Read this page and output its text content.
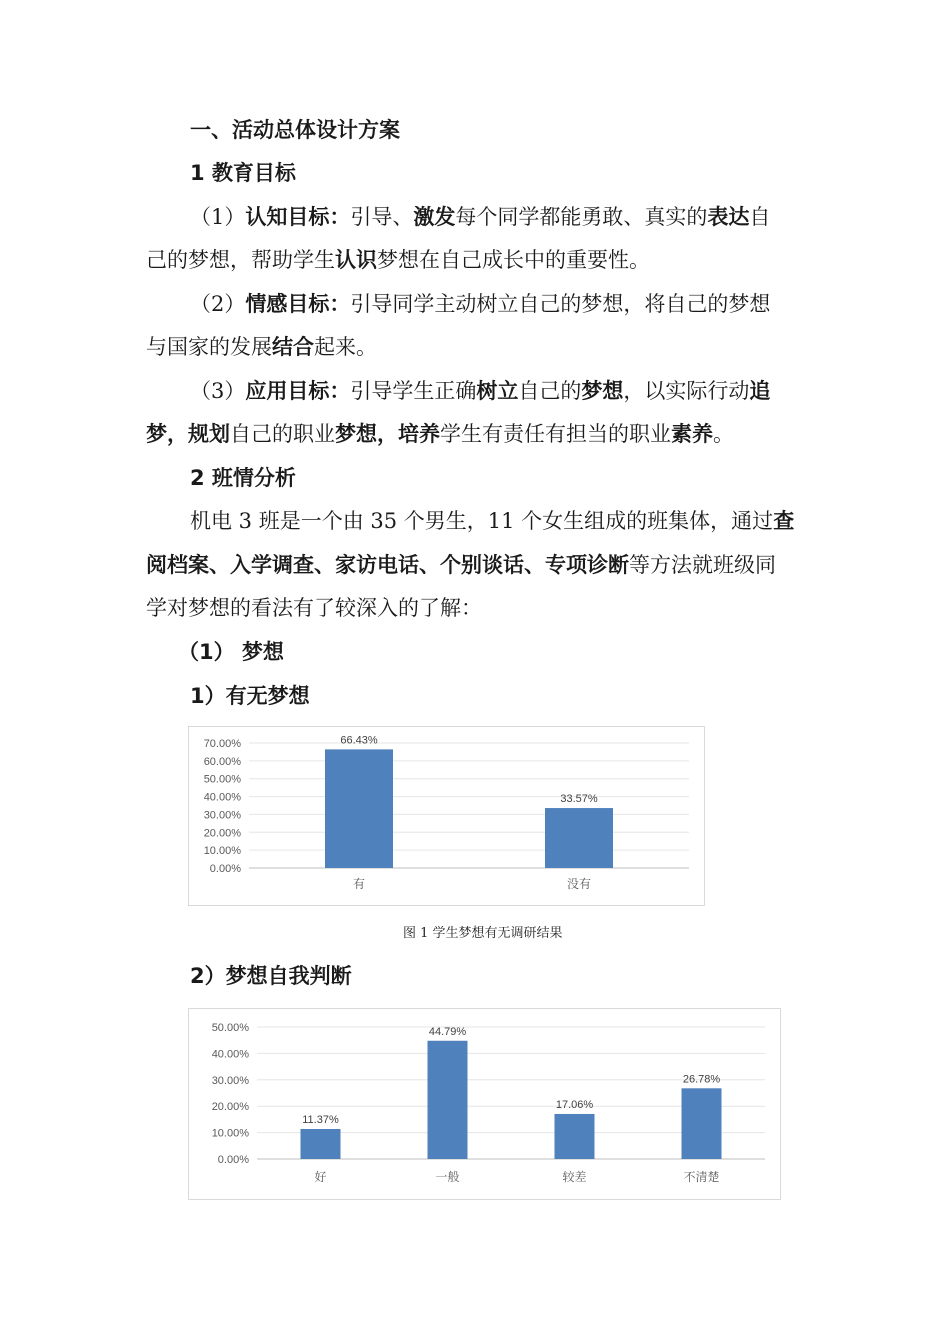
一、活动总体设计方案
1 教育目标
（1）认知目标：引导、激发每个同学都能勇敢、真实的表达自
己的梦想，帮助学生认识梦想在自己成长中的重要性。
（2）情感目标：引导同学主动树立自己的梦想，将自己的梦想
与国家的发展结合起来。
（3）应用目标：引导学生正确树立自己的梦想，以实际行动追
梦，规划自己的职业梦想，培养学生有责任有担当的职业素养。
2 班情分析
机电 3 班是一个由 35 个男生，11 个女生组成的班集体，通过查
阅档案、入学调查、家访电话、个别谈话、专项诊断等方法就班级同
学对梦想的看法有了较深入的了解：
（1） 梦想
1）有无梦想
0.00%
10.00%
20.00%
30.00%
40.00%
50.00%
60.00%
70.00%	66.43%
有
33.57%
没有
图 1 学生梦想有无调研结果
2）梦想自我判断
0.00%
10.00%
20.00%
30.00%
40.00%
50.00%
11.37%
好
44.79%
一般
17.06%
较差
26.78%
不清楚
